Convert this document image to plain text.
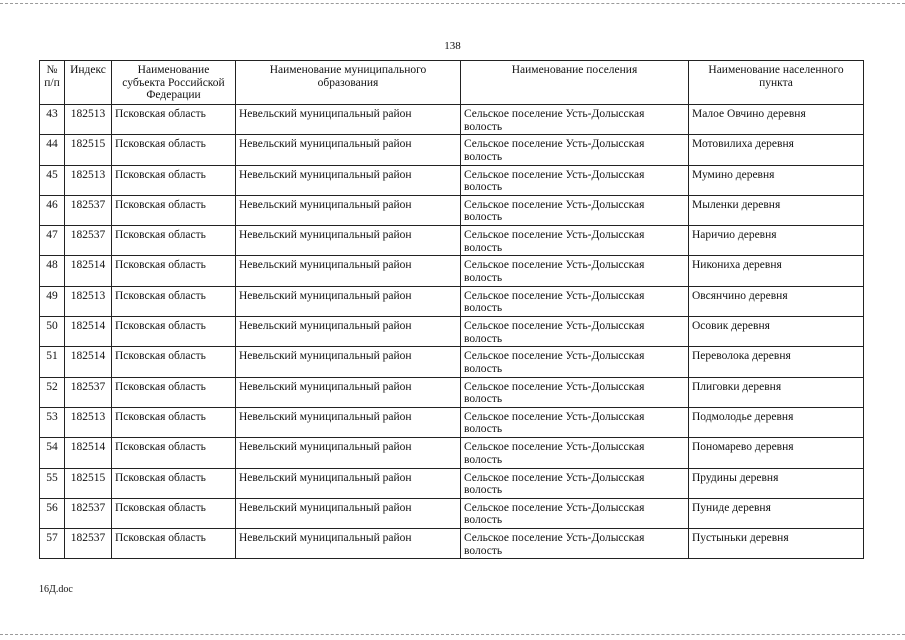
138
№ п/п	Индекс	Наименование субъекта Российской Федерации	Наименование муниципального образования	Наименование поселения	Наименование населенного пункта
43	182513	Псковская область	Невельский муниципальный район	Сельское поселение Усть-Долысская волость	Малое Овчино деревня
44	182515	Псковская область	Невельский муниципальный район	Сельское поселение Усть-Долысская волость	Мотовилиха деревня
45	182513	Псковская область	Невельский муниципальный район	Сельское поселение Усть-Долысская волость	Мумино деревня
46	182537	Псковская область	Невельский муниципальный район	Сельское поселение Усть-Долысская волость	Мыленки деревня
47	182537	Псковская область	Невельский муниципальный район	Сельское поселение Усть-Долысская волость	Наричио деревня
48	182514	Псковская область	Невельский муниципальный район	Сельское поселение Усть-Долысская волость	Никониха деревня
49	182513	Псковская область	Невельский муниципальный район	Сельское поселение Усть-Долысская волость	Овсянчино деревня
50	182514	Псковская область	Невельский муниципальный район	Сельское поселение Усть-Долысская волость	Осовик деревня
51	182514	Псковская область	Невельский муниципальный район	Сельское поселение Усть-Долысская волость	Переволока деревня
52	182537	Псковская область	Невельский муниципальный район	Сельское поселение Усть-Долысская волость	Плиговки деревня
53	182513	Псковская область	Невельский муниципальный район	Сельское поселение Усть-Долысская волость	Подмолодье деревня
54	182514	Псковская область	Невельский муниципальный район	Сельское поселение Усть-Долысская волость	Пономарево деревня
55	182515	Псковская область	Невельский муниципальный район	Сельское поселение Усть-Долысская волость	Прудины деревня
56	182537	Псковская область	Невельский муниципальный район	Сельское поселение Усть-Долысская волость	Пуниде деревня
57	182537	Псковская область	Невельский муниципальный район	Сельское поселение Усть-Долысская волость	Пустыньки деревня
16Д.doc
